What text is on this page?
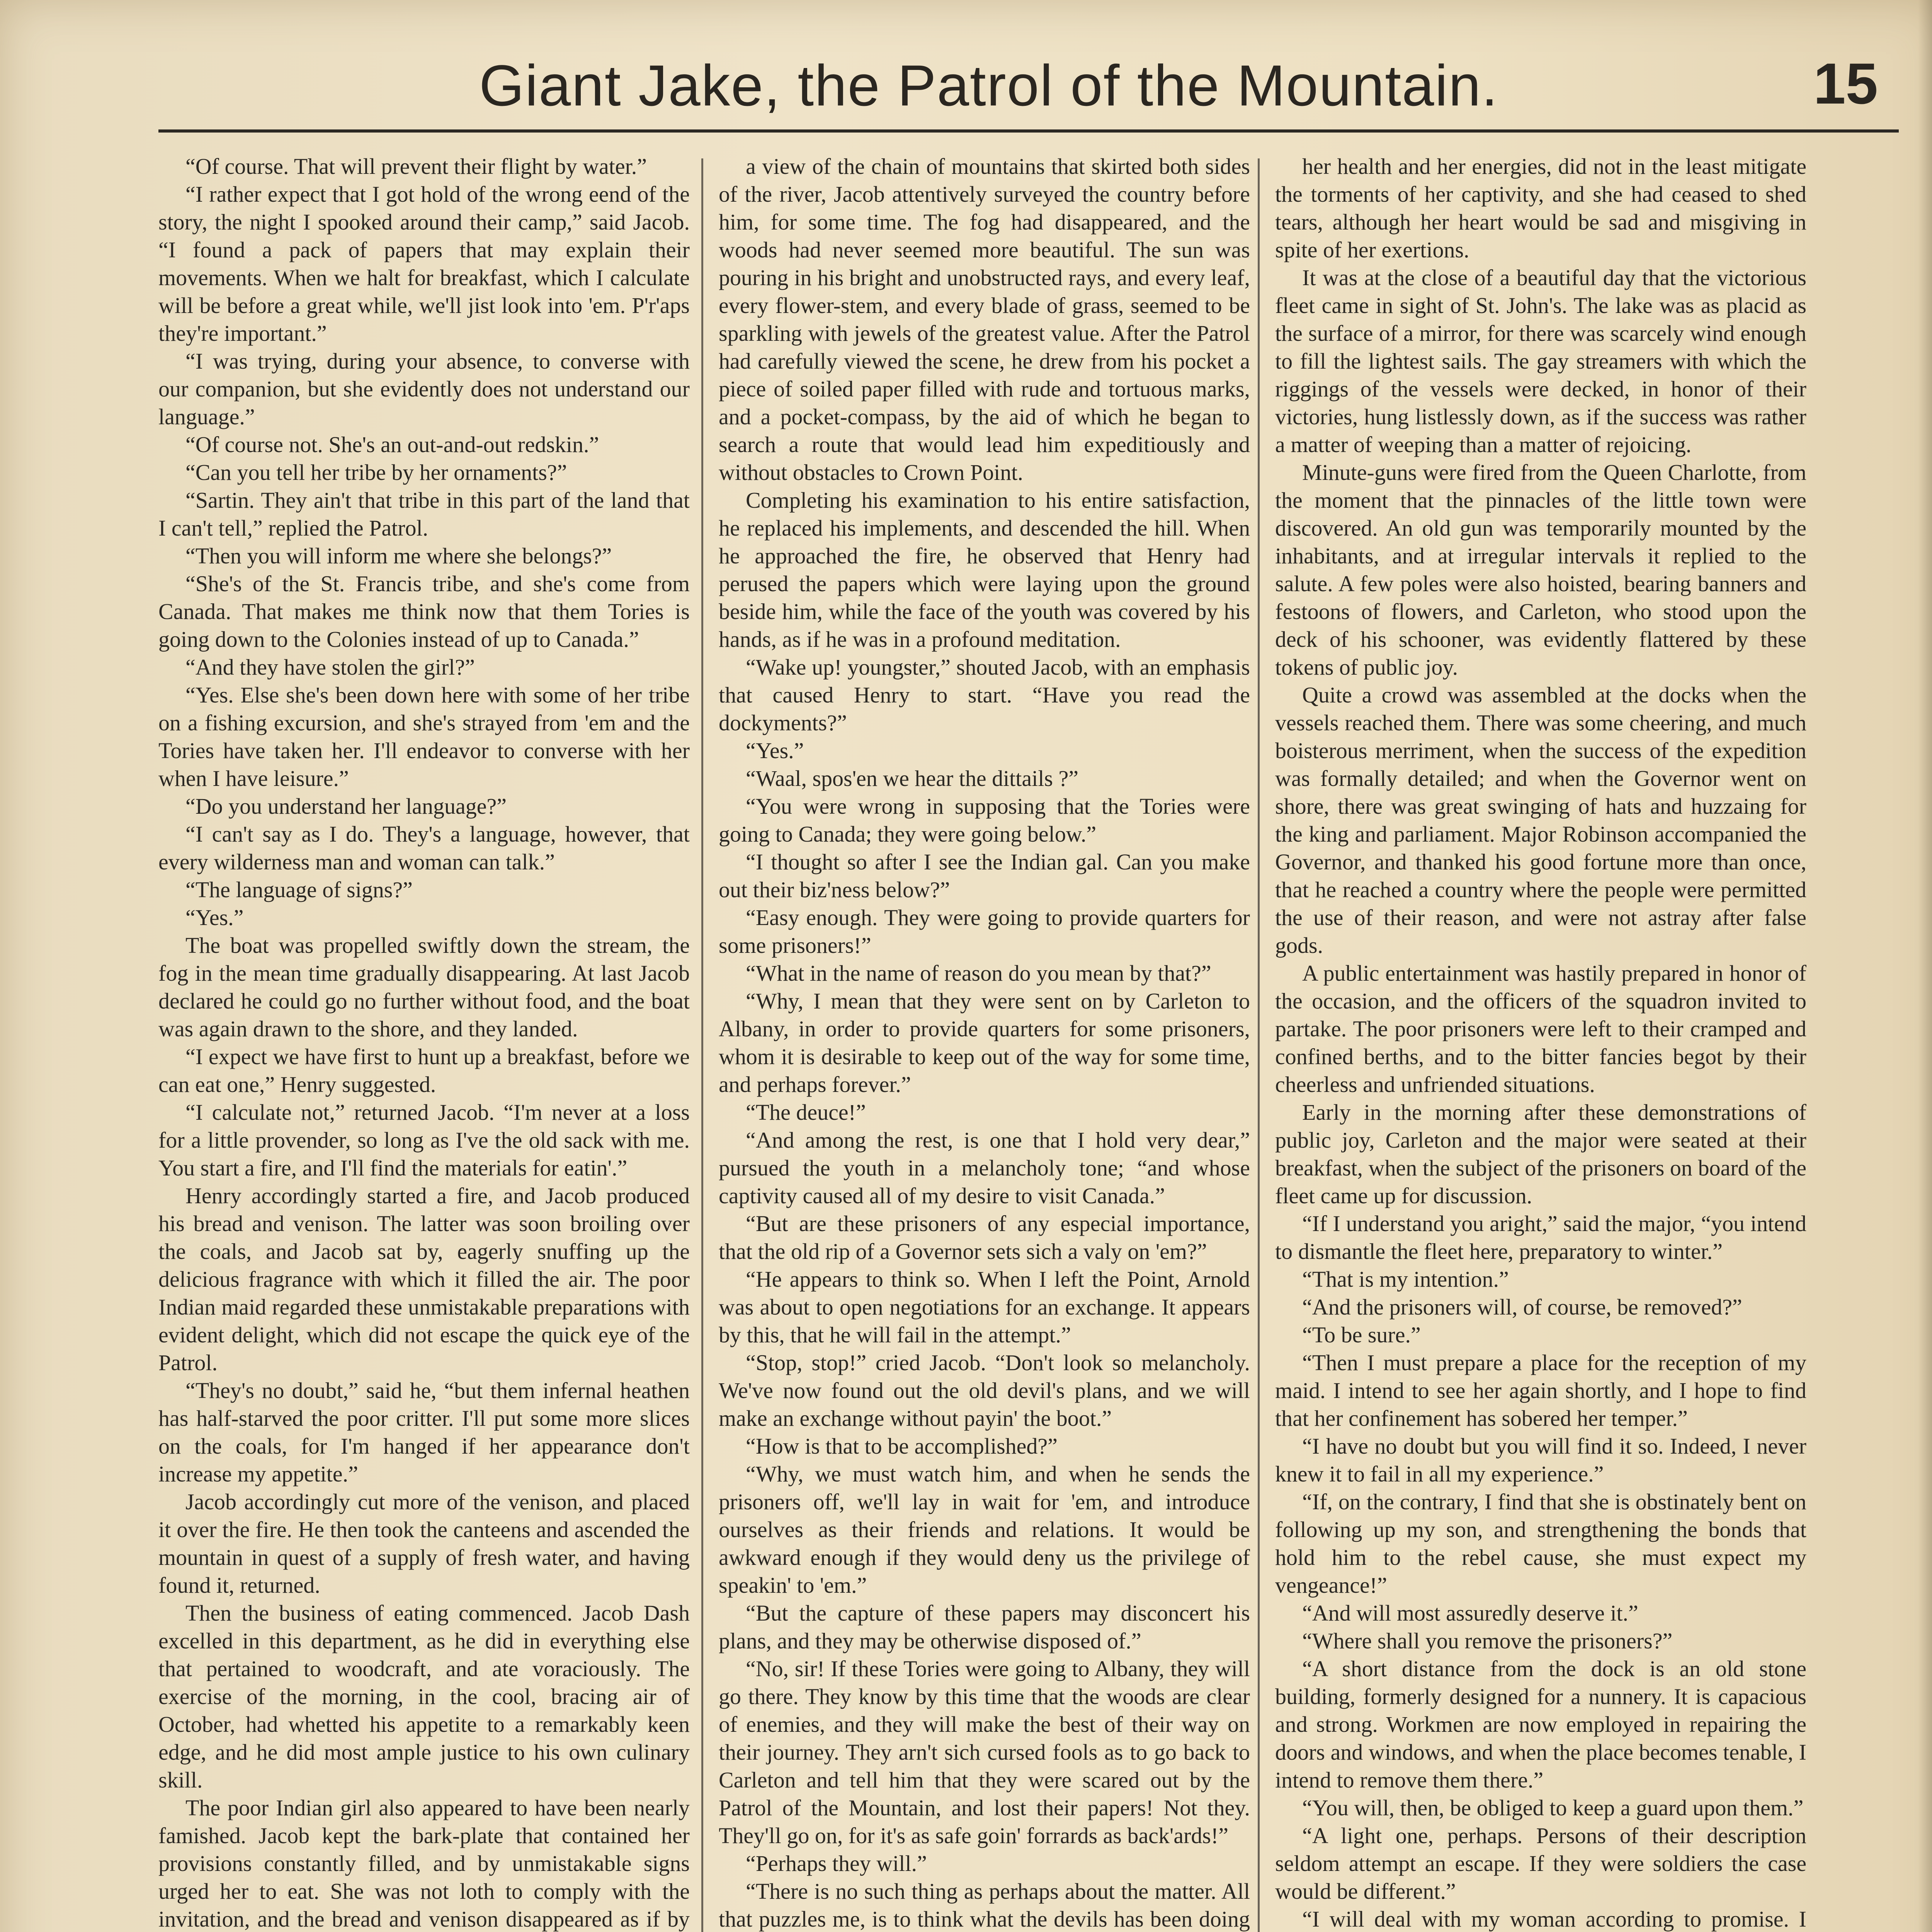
Giant Jake, the Patrol of the Mountain.	15

“Of course. That will prevent their flight by water.”

“I rather expect that I got hold of the wrong eend of the story, the night I spooked around their camp,” said Jacob. “I found a pack of papers that may explain their movements. When we halt for breakfast, which I calculate will be before a great while, we'll jist look into 'em. P'r'aps they're important.”

“I was trying, during your absence, to converse with our companion, but she evidently does not understand our language.”

“Of course not. She's an out-and-out redskin.”

“Can you tell her tribe by her ornaments?”

“Sartin. They ain't that tribe in this part of the land that I can't tell,” replied the Patrol.

“Then you will inform me where she belongs?”

“She's of the St. Francis tribe, and she's come from Canada. That makes me think now that them Tories is going down to the Colonies instead of up to Canada.”

“And they have stolen the girl?”

“Yes. Else she's been down here with some of her tribe on a fishing excursion, and she's strayed from 'em and the Tories have taken her. I'll endeavor to converse with her when I have leisure.”

“Do you understand her language?”

“I can't say as I do. They's a language, however, that every wilderness man and woman can talk.”

“The language of signs?”

“Yes.”

The boat was propelled swiftly down the stream, the fog in the mean time gradually disappearing. At last Jacob declared he could go no further without food, and the boat was again drawn to the shore, and they landed.

“I expect we have first to hunt up a breakfast, before we can eat one,” Henry suggested.

“I calculate not,” returned Jacob. “I'm never at a loss for a little provender, so long as I've the old sack with me. You start a fire, and I'll find the materials for eatin'.”

Henry accordingly started a fire, and Jacob produced his bread and venison. The latter was soon broiling over the coals, and Jacob sat by, eagerly snuffing up the delicious fragrance with which it filled the air. The poor Indian maid regarded these unmistakable preparations with evident delight, which did not escape the quick eye of the Patrol.

“They's no doubt,” said he, “but them infernal heathen has half-starved the poor critter. I'll put some more slices on the coals, for I'm hanged if her appearance don't increase my appetite.”

Jacob accordingly cut more of the venison, and placed it over the fire. He then took the canteens and ascended the mountain in quest of a supply of fresh water, and having found it, returned.

Then the business of eating commenced. Jacob Dash excelled in this department, as he did in everything else that pertained to woodcraft, and ate voraciously. The exercise of the morning, in the cool, bracing air of October, had whetted his appetite to a remarkably keen edge, and he did most ample justice to his own culinary skill.

The poor Indian girl also appeared to have been nearly famished. Jacob kept the bark-plate that contained her provisions constantly filled, and by unmistakable signs urged her to eat. She was not loth to comply with the invitation, and the bread and venison disappeared as if by

a view of the chain of mountains that skirted both sides of the river, Jacob attentively surveyed the country before him, for some time. The fog had disappeared, and the woods had never seemed more beautiful. The sun was pouring in his bright and unobstructed rays, and every leaf, every flower-stem, and every blade of grass, seemed to be sparkling with jewels of the greatest value. After the Patrol had carefully viewed the scene, he drew from his pocket a piece of soiled paper filled with rude and tortuous marks, and a pocket-compass, by the aid of which he began to search a route that would lead him expeditiously and without obstacles to Crown Point.

Completing his examination to his entire satisfaction, he replaced his implements, and descended the hill. When he approached the fire, he observed that Henry had perused the papers which were laying upon the ground beside him, while the face of the youth was covered by his hands, as if he was in a profound meditation.

“Wake up! youngster,” shouted Jacob, with an emphasis that caused Henry to start. “Have you read the dockyments?”

“Yes.”

“Waal, spos'en we hear the dittails ?”

“You were wrong in supposing that the Tories were going to Canada; they were going below.”

“I thought so after I see the Indian gal. Can you make out their biz'ness below?”

“Easy enough. They were going to provide quarters for some prisoners!”

“What in the name of reason do you mean by that?”

“Why, I mean that they were sent on by Carleton to Albany, in order to provide quarters for some prisoners, whom it is desirable to keep out of the way for some time, and perhaps forever.”

“The deuce!”

“And among the rest, is one that I hold very dear,” pursued the youth in a melancholy tone; “and whose captivity caused all of my desire to visit Canada.”

“But are these prisoners of any especial importance, that the old rip of a Governor sets sich a valy on 'em?”

“He appears to think so. When I left the Point, Arnold was about to open negotiations for an exchange. It appears by this, that he will fail in the attempt.”

“Stop, stop!” cried Jacob. “Don't look so melancholy. We've now found out the old devil's plans, and we will make an exchange without payin' the boot.”

“How is that to be accomplished?”

“Why, we must watch him, and when he sends the prisoners off, we'll lay in wait for 'em, and introduce ourselves as their friends and relations. It would be awkward enough if they would deny us the privilege of speakin' to 'em.”

“But the capture of these papers may disconcert his plans, and they may be otherwise disposed of.”

“No, sir! If these Tories were going to Albany, they will go there. They know by this time that the woods are clear of enemies, and they will make the best of their way on their journey. They arn't sich cursed fools as to go back to Carleton and tell him that they were scared out by the Patrol of the Mountain, and lost their papers! Not they. They'll go on, for it's as safe goin' forrards as back'ards!”

“Perhaps they will.”

“There is no such thing as perhaps about the matter. All that puzzles me, is to think what the devils has been doing

her health and her energies, did not in the least mitigate the torments of her captivity, and she had ceased to shed tears, although her heart would be sad and misgiving in spite of her exertions.

It was at the close of a beautiful day that the victorious fleet came in sight of St. John's. The lake was as placid as the surface of a mirror, for there was scarcely wind enough to fill the lightest sails. The gay streamers with which the riggings of the vessels were decked, in honor of their victories, hung listlessly down, as if the success was rather a matter of weeping than a matter of rejoicing.

Minute-guns were fired from the Queen Charlotte, from the moment that the pinnacles of the little town were discovered. An old gun was temporarily mounted by the inhabitants, and at irregular intervals it replied to the salute. A few poles were also hoisted, bearing banners and festoons of flowers, and Carleton, who stood upon the deck of his schooner, was evidently flattered by these tokens of public joy.

Quite a crowd was assembled at the docks when the vessels reached them. There was some cheering, and much boisterous merriment, when the success of the expedition was formally detailed; and when the Governor went on shore, there was great swinging of hats and huzzaing for the king and parliament. Major Robinson accompanied the Governor, and thanked his good fortune more than once, that he reached a country where the people were permitted the use of their reason, and were not astray after false gods.

A public entertainment was hastily prepared in honor of the occasion, and the officers of the squadron invited to partake. The poor prisoners were left to their cramped and confined berths, and to the bitter fancies begot by their cheerless and unfriended situations.

Early in the morning after these demonstrations of public joy, Carleton and the major were seated at their breakfast, when the subject of the prisoners on board of the fleet came up for discussion.

“If I understand you aright,” said the major, “you intend to dismantle the fleet here, preparatory to winter.”

“That is my intention.”

“And the prisoners will, of course, be removed?”

“To be sure.”

“Then I must prepare a place for the reception of my maid. I intend to see her again shortly, and I hope to find that her confinement has sobered her temper.”

“I have no doubt but you will find it so. Indeed, I never knew it to fail in all my experience.”

“If, on the contrary, I find that she is obstinately bent on following up my son, and strengthening the bonds that hold him to the rebel cause, she must expect my vengeance!”

“And will most assuredly deserve it.”

“Where shall you remove the prisoners?”

“A short distance from the dock is an old stone building, formerly designed for a nunnery. It is capacious and strong. Workmen are now employed in repairing the doors and windows, and when the place becomes tenable, I intend to remove them there.”

“You will, then, be obliged to keep a guard upon them.”

“A light one, perhaps. Persons of their description seldom attempt an escape. If they were soldiers the case would be different.”

“I will deal with my woman according to promise. I
